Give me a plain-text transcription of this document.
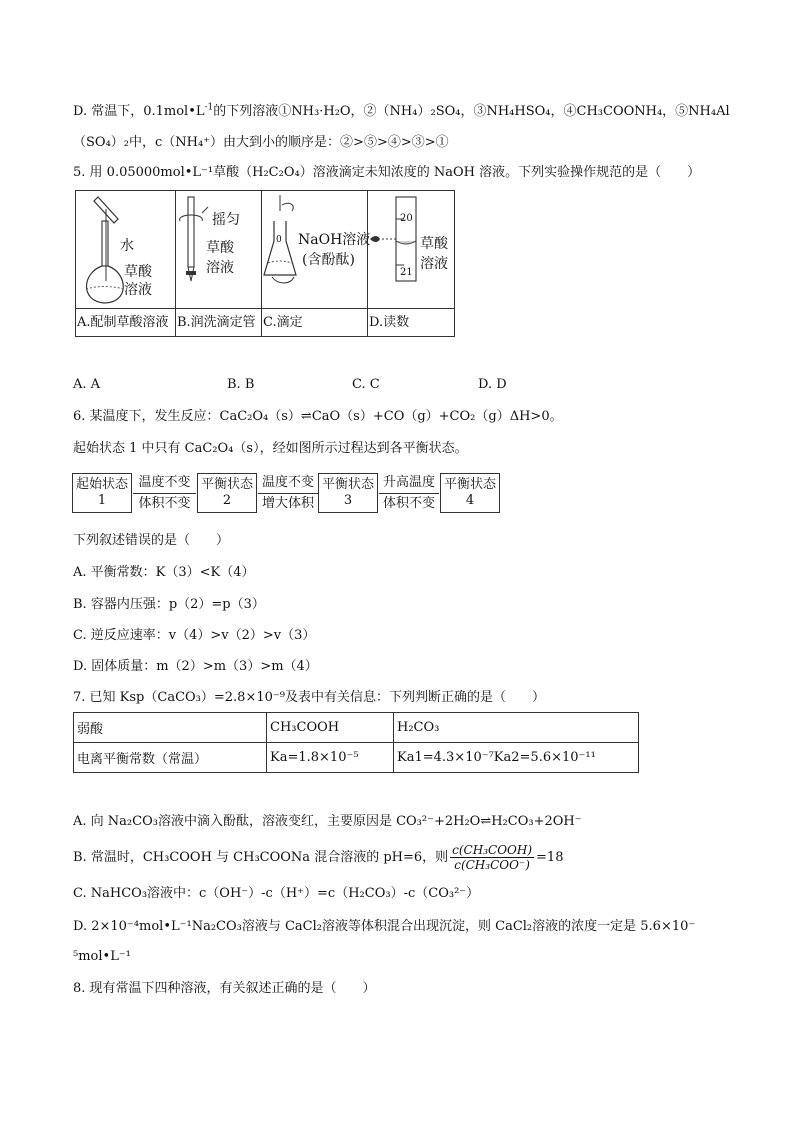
D. 常温下，$0.1mol•L^{-1}$的下列溶液①NH₃·H₂O，②（NH₄）₂SO₄，③NH₄HSO₄，④CH₃COONH₄，⑤NH₄Al
（SO₄）₂中，c（NH₄⁺）由大到小的顺序是：②>⑤>④>③>①
5. 用 0.05000mol•L⁻¹草酸（H₂C₂O₄）溶液滴定未知浓度的 NaOH 溶液。下列实验操作规范的是（　　）
水
草酸
溶液
A.配制草酸溶液
摇匀
草酸
溶液
B.润洗滴定管
0 NaOH溶液
(含酚酞)
C.滴定
20
21
草酸
溶液
D.读数
A. A	B. B	C. C	D. D
6. 某温度下，发生反应：CaC₂O₄（s）⇌CaO（s）+CO（g）+CO₂（g）ΔH>0。
起始状态 1 中只有 CaC₂O₄（s），经如图所示过程达到各平衡状态。
起始状态
1
温度不变
体积不变
平衡状态
2
温度不变
增大体积
平衡状态
3
升高温度
体积不变
平衡状态
4
下列叙述错误的是（　　）
A. 平衡常数：K（3）<K（4）
B. 容器内压强：p（2）=p（3）
C. 逆反应速率：v（4）>v（2）>v（3）
D. 固体质量：m（2）>m（3）>m（4）
7. 已知 Ksp（CaCO₃）=2.8×10⁻⁹及表中有关信息：下列判断正确的是（　　）
弱酸	CH₃COOH	H₂CO₃
电离平衡常数（常温）	Ka=1.8×10⁻⁵	Ka1=4.3×10⁻⁷Ka2=5.6×10⁻¹¹
A. 向 Na₂CO₃溶液中滴入酚酞，溶液变红，主要原因是 CO₃²⁻+2H₂O⇌H₂CO₃+2OH⁻
B. 常温时，CH₃COOH 与 CH₃COONa 混合溶液的 pH=6，则 $\frac{\text{c(CH₃COOH)}}{\text{c(CH₃COO⁻)}} =18$
C. NaHCO₃溶液中：c（OH⁻）-c（H⁺）=c（H₂CO₃）-c（CO₃²⁻）
D. 2×10⁻⁴mol•L⁻¹Na₂CO₃溶液与 CaCl₂溶液等体积混合出现沉淀，则 CaCl₂溶液的浓度一定是 5.6×10⁻
⁵mol•L⁻¹
8. 现有常温下四种溶液，有关叙述正确的是（　　）
